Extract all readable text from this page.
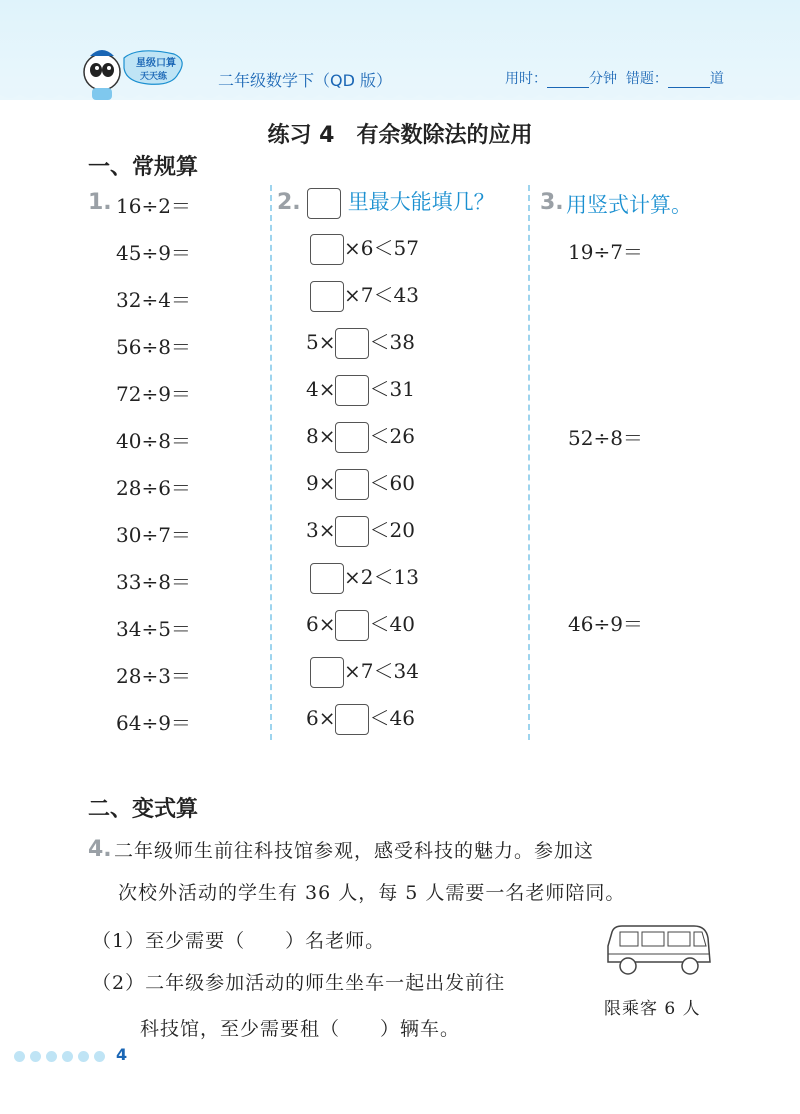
星级口算
天天练	二年级数学下（QD 版）	用时：	分钟 错题：	道
练习 4　有余数除法的应用
一、常规算
1. 16÷2＝
45÷9＝
32÷4＝
56÷8＝
72÷9＝
40÷8＝
28÷6＝
30÷7＝
33÷8＝
34÷5＝
28÷3＝
64÷9＝
2.	里最大能填几？
×6＜57
×7＜43
5× ＜38
4× ＜31
8× ＜26
9× ＜60
3× ＜20
×2＜13
6× ＜40
×7＜34
6× ＜46
3. 用竖式计算。
19÷7＝
52÷8＝
46÷9＝
二、变式算
4. 二年级师生前往科技馆参观，感受科技的魅力。参加这
次校外活动的学生有 36 人，每 5 人需要一名老师陪同。
（1）至少需要（　　）名老师。
（2）二年级参加活动的师生坐车一起出发前往
科技馆，至少需要租（　　）辆车。
限乘客 6 人
4
